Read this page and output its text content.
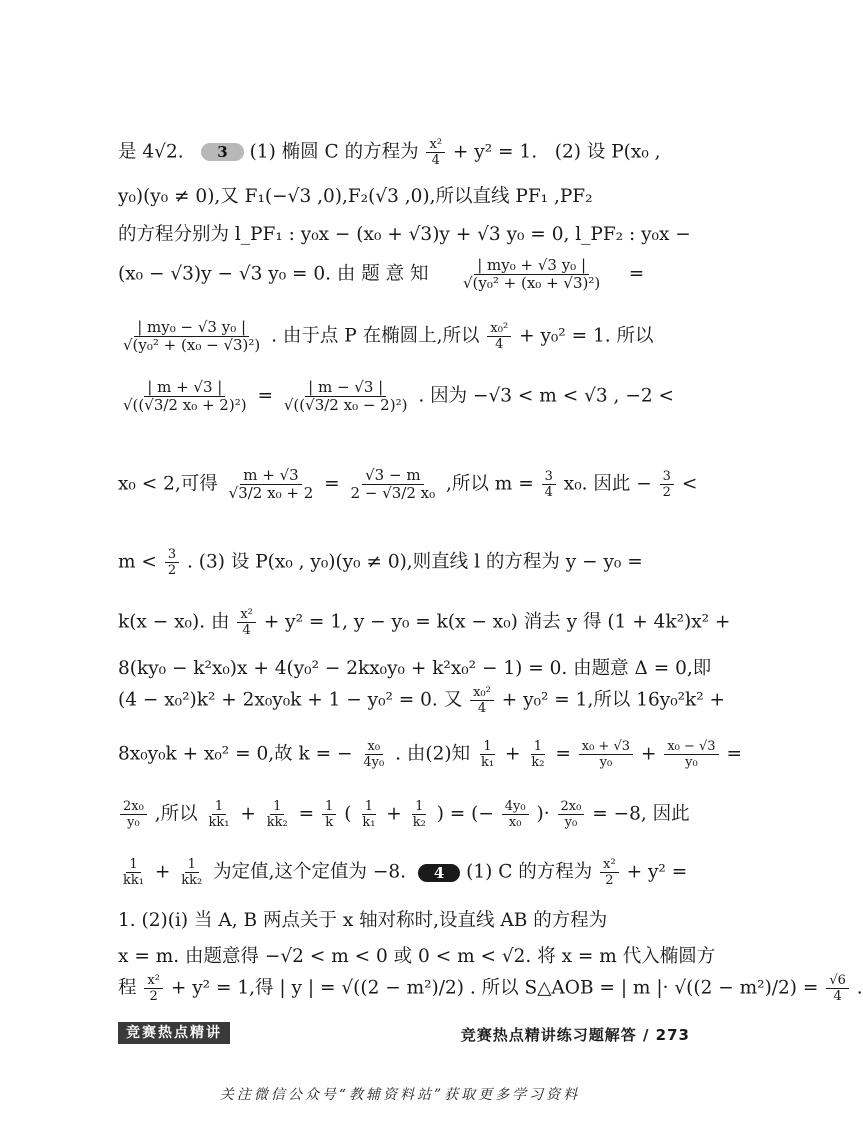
是 4√2. 3 (1) 椭圆 C 的方程为 $\frac{\text{x²}}{4} + y^2 = 1$. (2) 设 P(x₀ ,
y₀)(y₀ ≠ 0),又 F₁(−√3 ,0),F₂(√3 ,0),所以直线 PF₁ ,PF₂
的方程分别为 l_PF₁ : y₀x − (x₀ + √3)y + √3 y₀ = 0, l_PF₂ : y₀x −
(x₀ − √3)y − √3 y₀ = 0. 由 题 意 知 $\frac{\text{| my₀ + √3 y₀ |}}{\text{√(y₀² + (x₀ + √3)²)}}$ =
$\frac{\text{| my₀ − √3 y₀ |}}{\text{√(y₀² + (x₀ − √3)²)}}$ . 由于点 P 在椭圆上,所以 $\frac{\text{x₀²}}{4} + y_0^2 = 1$. 所以
$\frac{| m + √3 |}{\text{√((√3/2 x₀ + 2)²)}} = \frac{| m - √3 |}{\text{√((√3/2 x₀ − 2)²)}}$ . 因为 −√3 < m < √3 , −2 <
x₀ < 2,可得 $\frac{m + √3}{\text{√3/2 x₀ + 2}} = \frac{√3 - m}{\text{2 − √3/2 x₀}}$ ,所以 $m = \frac{3}{4} x_0$. 因此 − $\frac{3}{2}$ <
$m < \frac{3}{2}$ . (3) 设 P(x₀ , y₀)(y₀ ≠ 0),则直线 l 的方程为 y − y₀ =
k(x − x₀). 由 $\frac{\text{x²}}{4} + y^2 = 1$, y − y₀ = k(x − x₀) 消去 y 得 (1 + 4k²)x² +
8(ky₀ − k²x₀)x + 4(y₀² − 2kx₀y₀ + k²x₀² − 1) = 0. 由题意 Δ = 0,即
(4 − x₀²)k² + 2x₀y₀k + 1 − y₀² = 0. 又 $\frac{\text{x₀²}}{4} + y_0^2 = 1$,所以 16y₀²k² +
8x₀y₀k + x₀² = 0,故 k = − $\frac{\text{x₀}}{\text{4y₀}}$ . 由(2)知 $\frac{1}{\text{k₁}} + \frac{1}{\text{k₂}} = \frac{\text{x₀ + √3}}{\text{y₀}} + \frac{\text{x₀ − √3}}{\text{y₀}}$ =
$\frac{\text{2x₀}}{\text{y₀}}$ ,所以 $\frac{1}{\text{kk₁}} + \frac{1}{\text{kk₂}} = \frac{1}{k}$ ( $\frac{1}{\text{k₁}} + \frac{1}{\text{k₂}}$ ) = (− $\frac{\text{4y₀}}{\text{x₀}}$ )· $\frac{\text{2x₀}}{\text{y₀}} = -8$, 因此
$\frac{1}{\text{kk₁}} + \frac{1}{\text{kk₂}}$ 为定值,这个定值为 −8. 4 (1) C 的方程为 $\frac{\text{x²}}{2} + y^2$ =
1. (2)(i) 当 A, B 两点关于 x 轴对称时,设直线 AB 的方程为
x = m. 由题意得 −√2 < m < 0 或 0 < m < √2. 将 x = m 代入椭圆方
程 $\frac{\text{x²}}{2} + y^2 = 1$,得 | y | = √((2 − m²)/2) . 所以 S△AOB = | m |· $√((2 - m^2)/2) = \frac{√6}{4}$ .
竞赛热点精讲	竞赛热点精讲练习题解答 / 273
关注微信公众号“教辅资料站”获取更多学习资料
